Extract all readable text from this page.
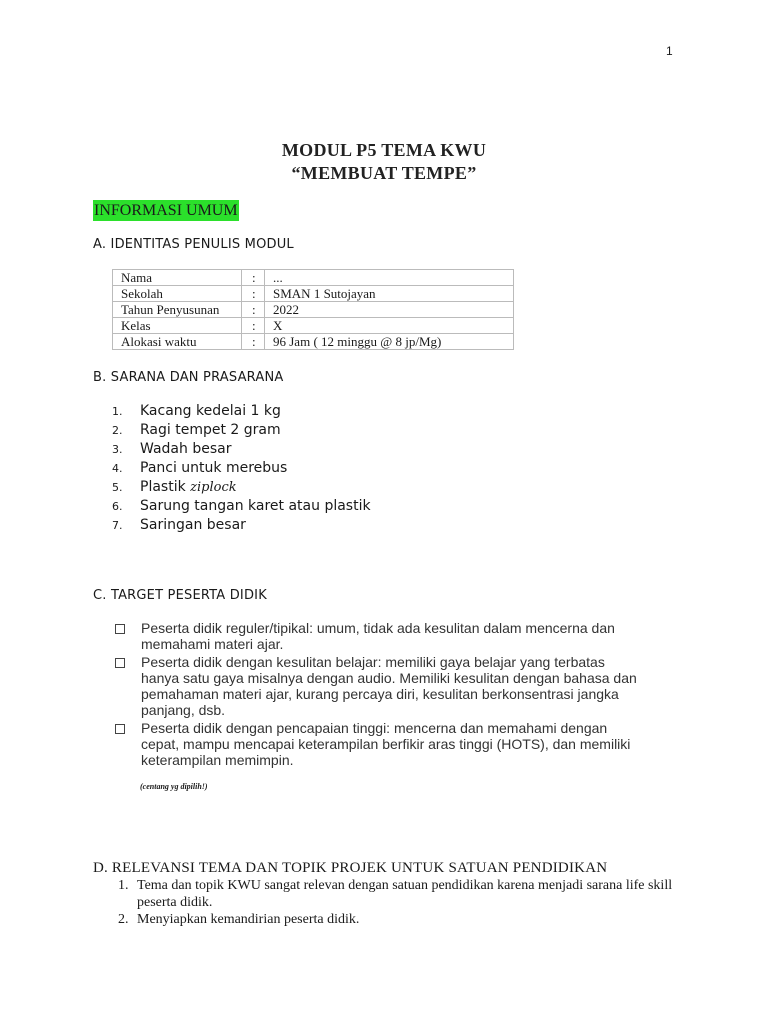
1
MODUL P5 TEMA KWU
“MEMBUAT TEMPE”
INFORMASI UMUM
A. IDENTITAS PENULIS MODUL
Nama	:	...
Sekolah	:	SMAN 1 Sutojayan
Tahun Penyusunan	:	2022
Kelas	:	X
Alokasi waktu	:	96 Jam ( 12 minggu @ 8 jp/Mg)
B. SARANA DAN PRASARANA
1.	Kacang kedelai 1 kg
2.	Ragi tempet 2 gram
3.	Wadah besar
4.	Panci untuk merebus
5.	Plastik ziplock
6.	Sarung tangan karet atau plastik
7.	Saringan besar
C. TARGET PESERTA DIDIK
Peserta didik reguler/tipikal: umum, tidak ada kesulitan dalam mencerna dan memahami materi ajar.
Peserta didik dengan kesulitan belajar: memiliki gaya belajar yang terbatas hanya satu gaya misalnya dengan audio. Memiliki kesulitan dengan bahasa dan pemahaman materi ajar, kurang percaya diri, kesulitan berkonsentrasi jangka panjang, dsb.
Peserta didik dengan pencapaian tinggi: mencerna dan memahami dengan cepat, mampu mencapai keterampilan berfikir aras tinggi (HOTS), dan memiliki keterampilan memimpin.
(centang yg dipilih!)
D. RELEVANSI TEMA DAN TOPIK PROJEK UNTUK SATUAN PENDIDIKAN
1. Tema dan topik KWU sangat relevan dengan satuan pendidikan karena menjadi sarana life skill peserta didik.
2. Menyiapkan kemandirian peserta didik.
